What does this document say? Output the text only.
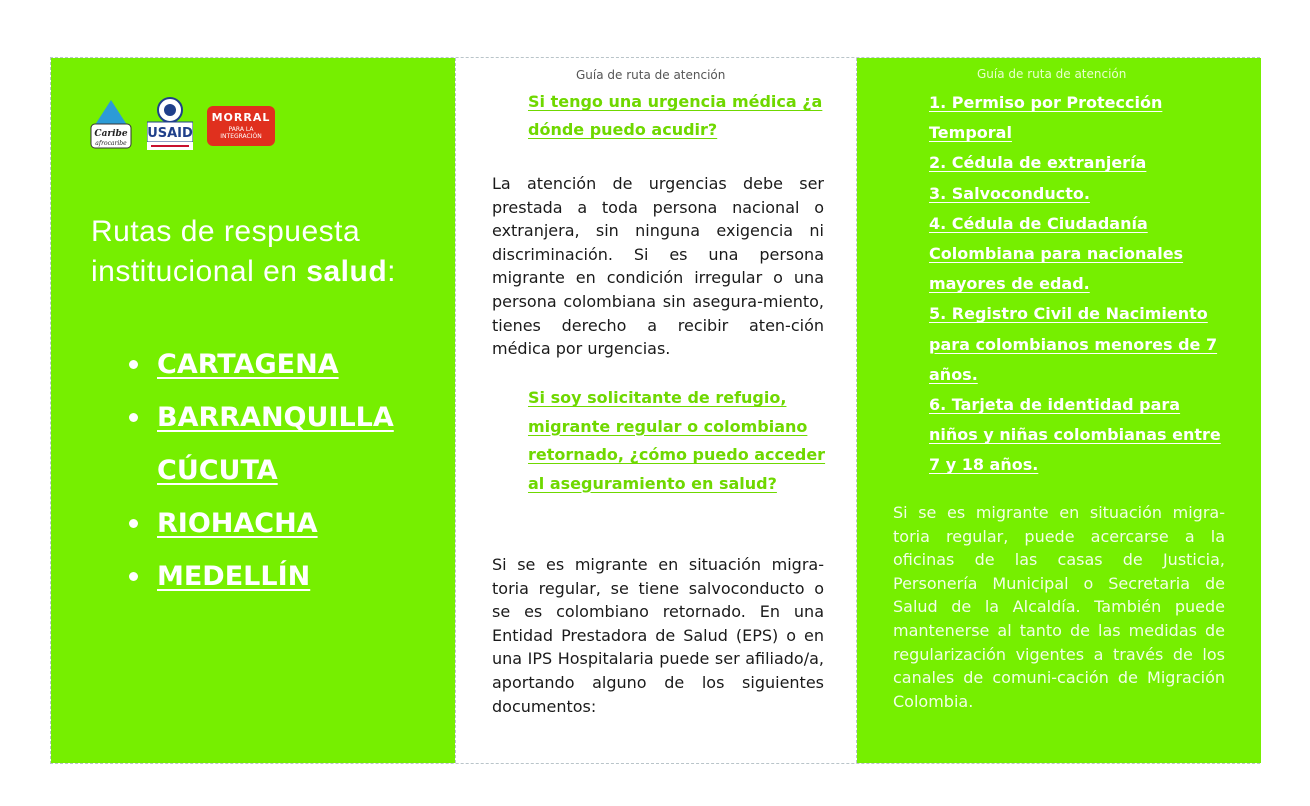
Caribe
afrocaribe
USAID
MORRAL
PARA LA INTEGRACIÓN
Rutas de respuesta institucional en salud:
CARTAGENA
BARRANQUILLA
CÚCUTA
RIOHACHA
MEDELLÍN
Guía de ruta de atención
Si tengo una urgencia médica ¿a dónde puedo acudir?

La atención de urgencias debe ser prestada a toda persona nacional o extranjera, sin ninguna exigencia ni discriminación. Si es una persona migrante en condición irregular o una persona colombiana sin asegura-miento, tienes derecho a recibir aten-ción médica por urgencias.

Si soy solicitante de refugio, migrante regular o colombiano retornado, ¿cómo puedo acceder al aseguramiento en salud?

Si se es migrante en situación migra-toria regular, se tiene salvoconducto o se es colombiano retornado. En una Entidad Prestadora de Salud (EPS) o en una IPS Hospitalaria puede ser afiliado/a, aportando alguno de los siguientes documentos:

Guía de ruta de atención
1. Permiso por Protección Temporal
2. Cédula de extranjería
3. Salvoconducto.
4. Cédula de Ciudadanía Colombiana para nacionales mayores de edad.
5. Registro Civil de Nacimiento para colombianos menores de 7 años.
6. Tarjeta de identidad para niños y niñas colombianas entre 7 y 18 años.

Si se es migrante en situación migra-toria regular, puede acercarse a la oficinas de las casas de Justicia, Personería Municipal o Secretaria de Salud de la Alcaldía. También puede mantenerse al tanto de las medidas de regularización vigentes a través de los canales de comuni-cación de Migración Colombia.
